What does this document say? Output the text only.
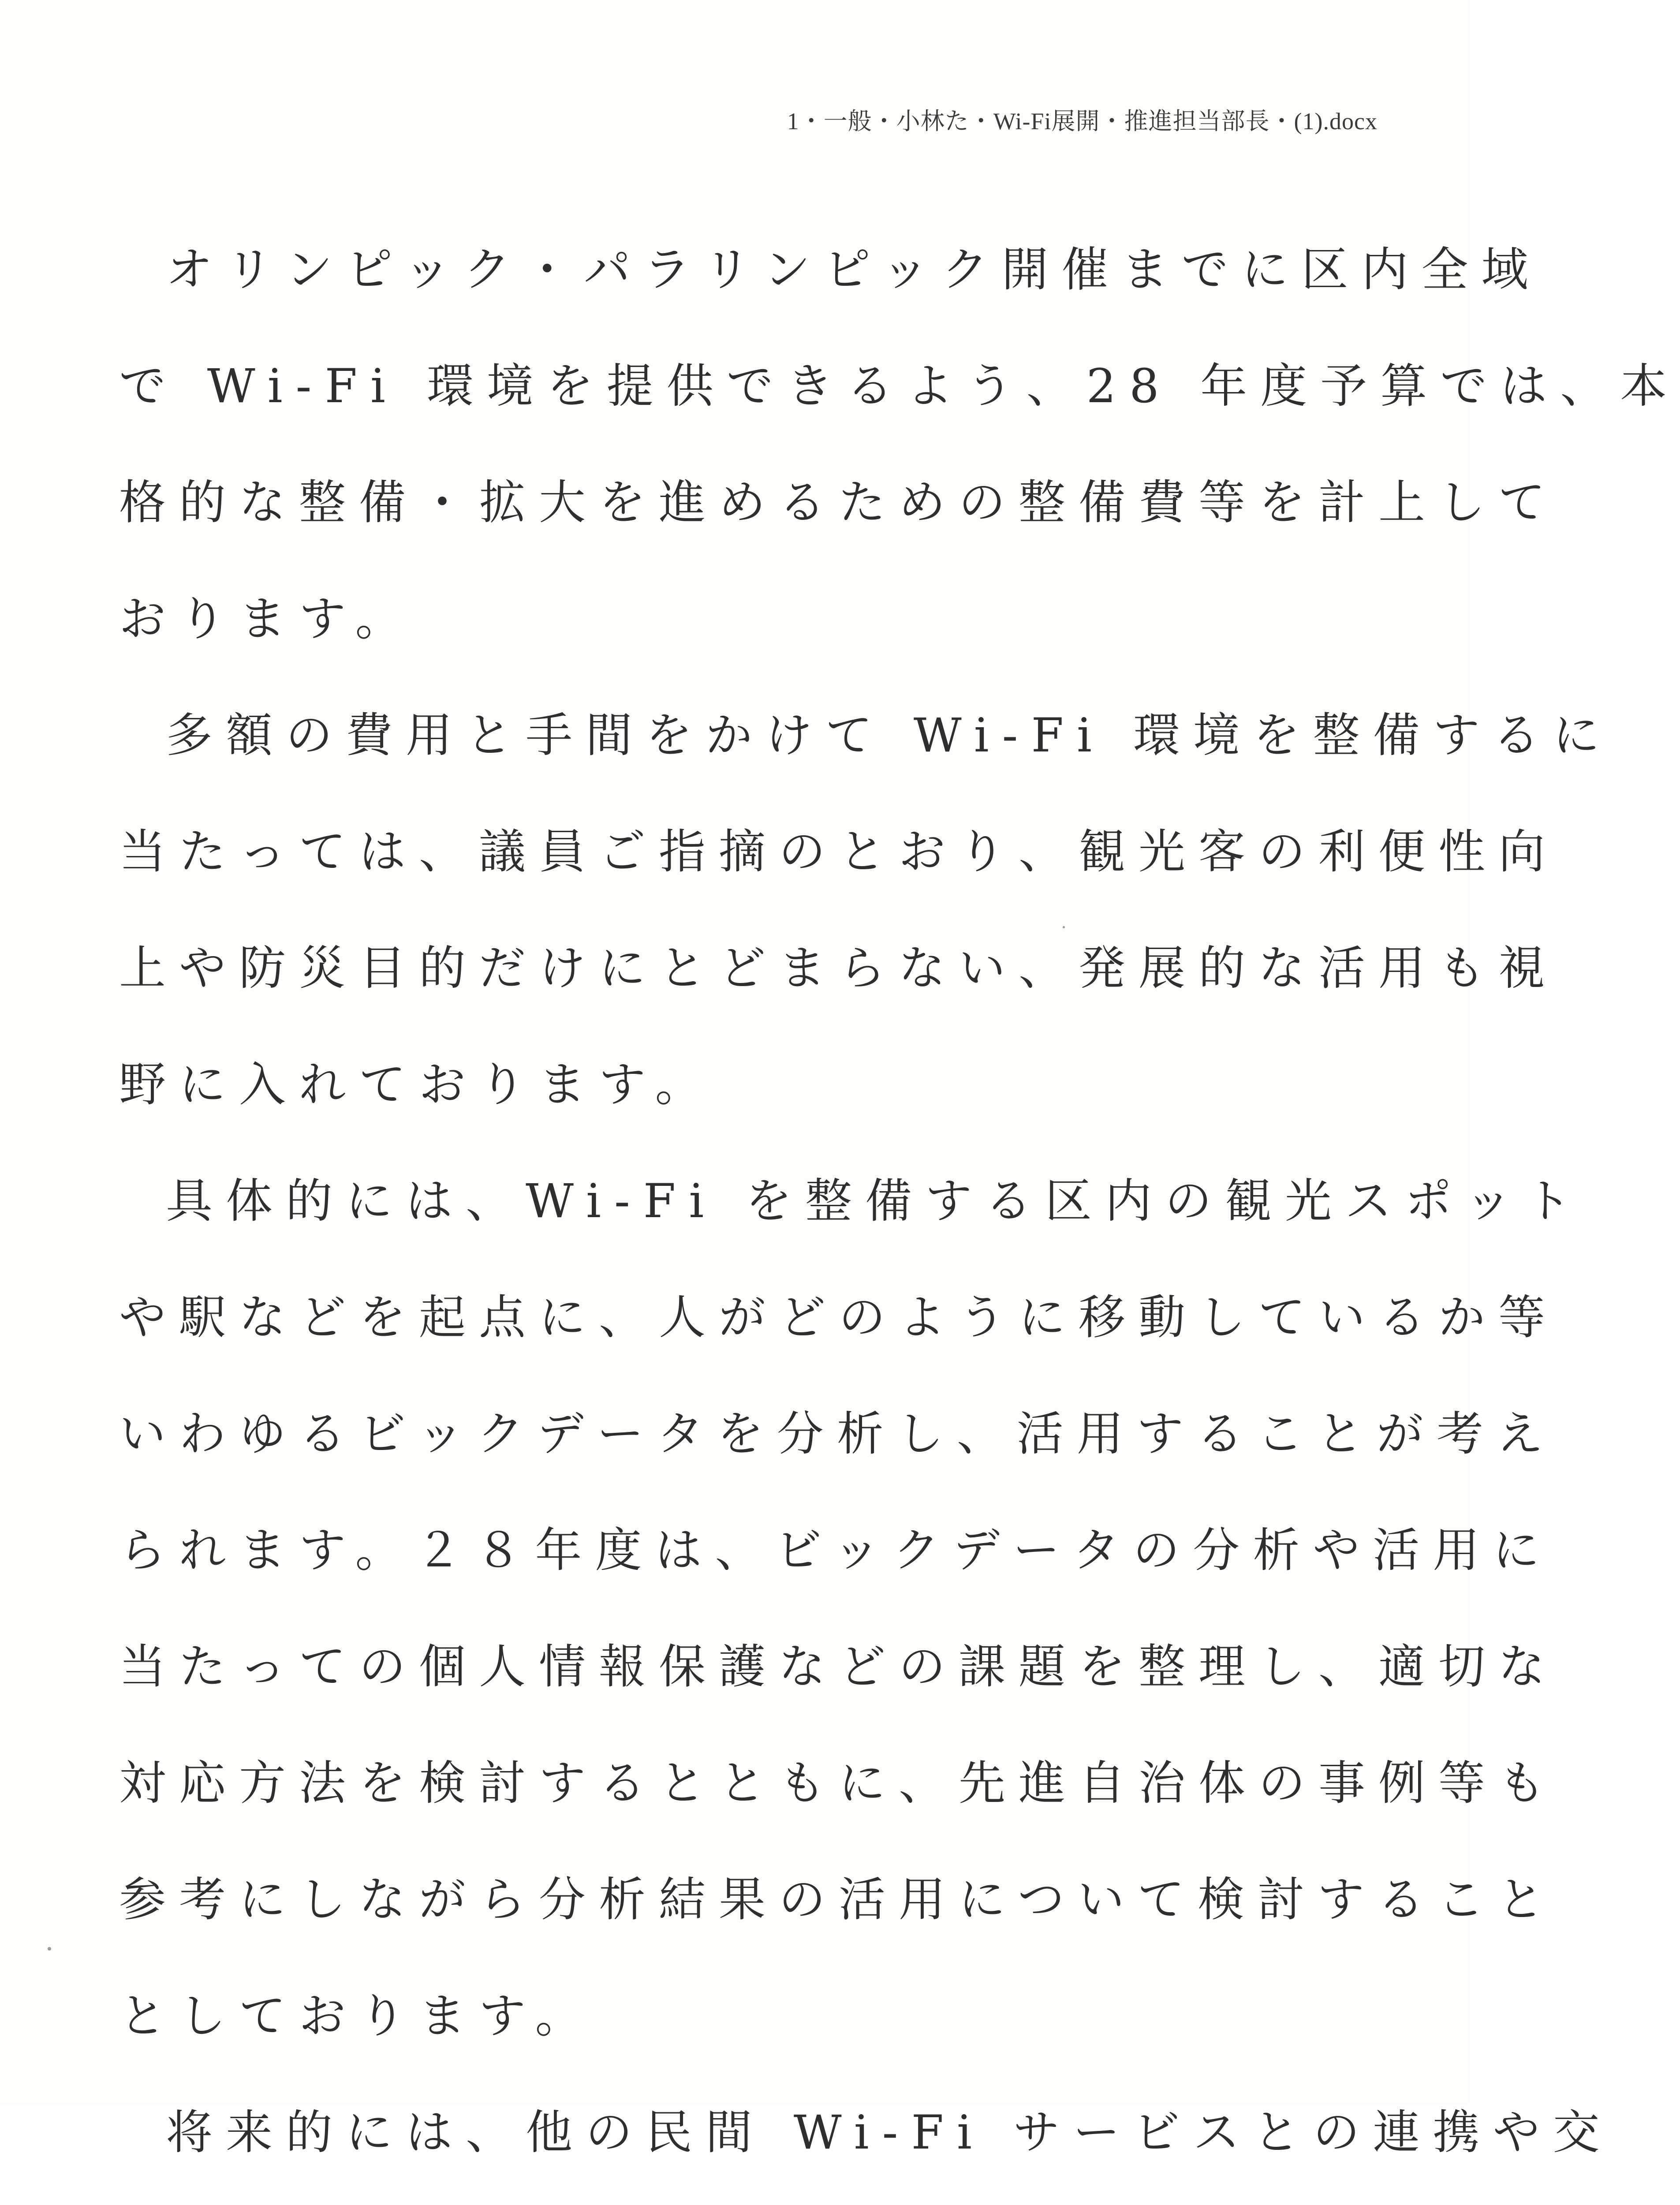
1・一般・小林た・Wi-Fi展開・推進担当部長・(1).docx
オリンピック・パラリンピック開催までに区内全域
で Wi-Fi 環境を提供できるよう、28 年度予算では、本
格的な整備・拡大を進めるための整備費等を計上して
おります。
多額の費用と手間をかけて Wi-Fi 環境を整備するに
当たっては、議員ご指摘のとおり、観光客の利便性向
上や防災目的だけにとどまらない、発展的な活用も視
野に入れております。
具体的には、Wi-Fi を整備する区内の観光スポット
や駅などを起点に、人がどのように移動しているか等
いわゆるビックデータを分析し、活用することが考え
られます。２８年度は、ビックデータの分析や活用に
当たっての個人情報保護などの課題を整理し、適切な
対応方法を検討するとともに、先進自治体の事例等も
参考にしながら分析結果の活用について検討すること
としております。
将来的には、他の民間 Wi-Fi サービスとの連携や交
